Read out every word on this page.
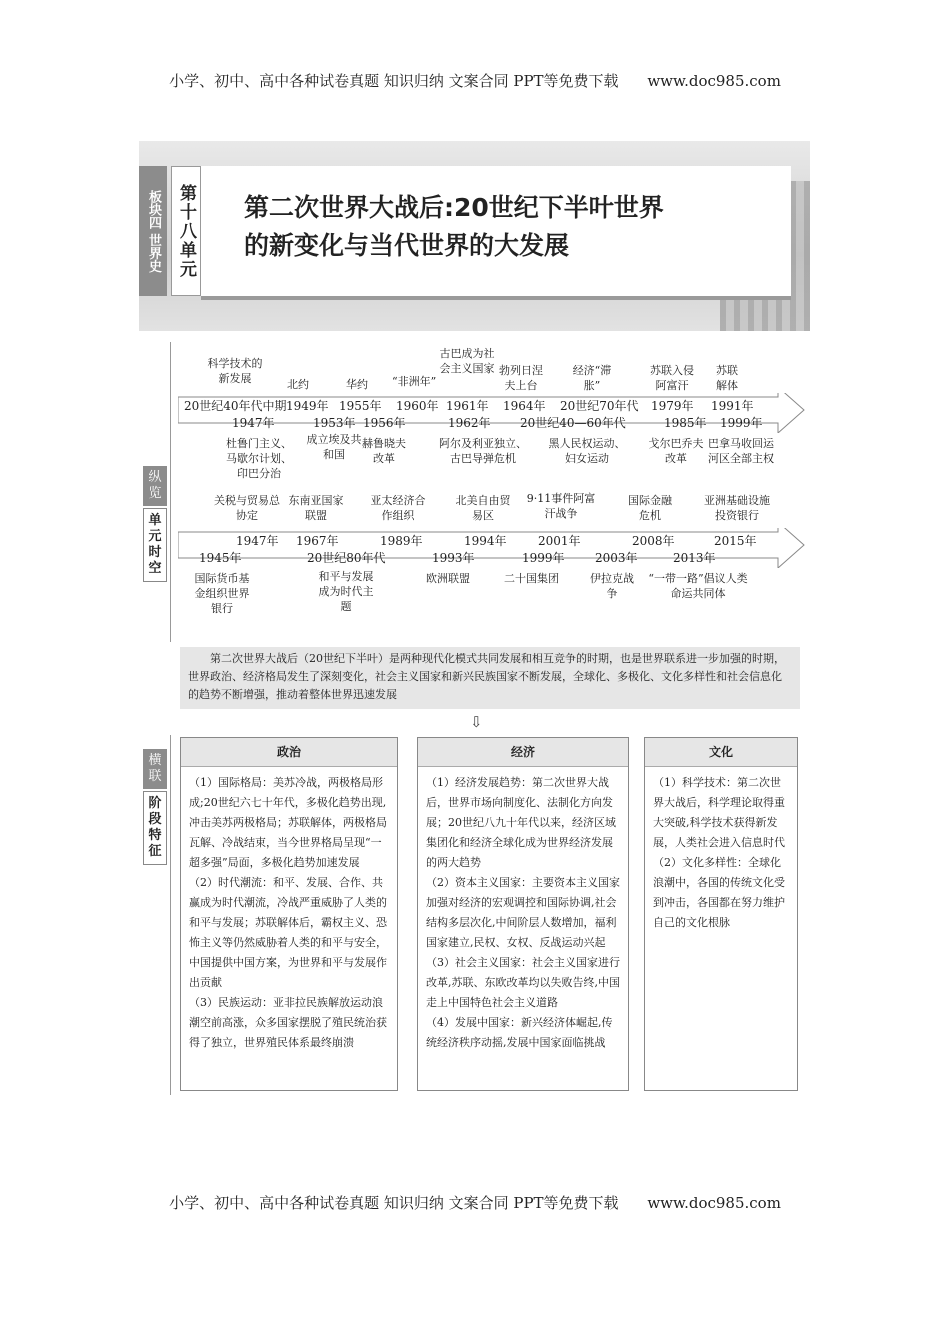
小学、初中、高中各种试卷真题 知识归纳 文案合同 PPT等免费下载 www.doc985.com
板块四 世界史 第十八单元 第二次世界大战后:20世纪下半叶世界
的新变化与当代世界的大发展
纵览
单元时空
横联
阶段特征
科学技术的新发展	北约	华约 “非洲年”
古巴成为社会主义国家 勃列日涅夫上台
经济“滞胀”
苏联入侵阿富汗
苏联解体
20世纪40年代中期 1949年 1955年 1960年 1961年 1964年 20世纪70年代 1979年 1991年
1947年	1953年 1956年	1962年 20世纪40—60年代	1985年 1999年
杜鲁门主义、马歇尔计划、印巴分治
成立埃及共和国
赫鲁晓夫改革
阿尔及利亚独立、古巴导弹危机
黑人民权运动、妇女运动
戈尔巴乔夫改革
巴拿马收回运河区全部主权
关税与贸易总协定
东南亚国家联盟
亚太经济合作组织
北美自由贸易区
9·11事件阿富汗战争
国际金融危机
亚洲基础设施投资银行
1947年 1967年	1989年	1994年	2001年	2008年	2015年
1945年	20世纪80年代	1993年	1999年	2003年	2013年
国际货币基金组织世界银行
和平与发展成为时代主题
欧洲联盟	二十国集团	伊拉克战争
“一带一路”倡议人类命运共同体
第二次世界大战后（20世纪下半叶）是两种现代化模式共同发展和相互竞争的时期，也是世界联系进一步加强的时期，世界政治、经济格局发生了深刻变化，社会主义国家和新兴民族国家不断发展，全球化、多极化、文化多样性和社会信息化的趋势不断增强，推动着整体世界迅速发展
⇩
政治

（1）国际格局：美苏冷战，两极格局形成;20世纪六七十年代，多极化趋势出现,冲击美苏两极格局；苏联解体，两极格局瓦解、冷战结束，当今世界格局呈现“一超多强”局面，多极化趋势加速发展

（2）时代潮流：和平、发展、合作、共赢成为时代潮流，冷战严重威胁了人类的和平与发展；苏联解体后，霸权主义、恐怖主义等仍然威胁着人类的和平与安全，中国提供中国方案，为世界和平与发展作出贡献

（3）民族运动：亚非拉民族解放运动浪潮空前高涨，众多国家摆脱了殖民统治获得了独立，世界殖民体系最终崩溃

经济

（1）经济发展趋势：第二次世界大战后，世界市场向制度化、法制化方向发展；20世纪八九十年代以来，经济区域集团化和经济全球化成为世界经济发展的两大趋势

（2）资本主义国家：主要资本主义国家加强对经济的宏观调控和国际协调,社会结构多层次化,中间阶层人数增加，福利国家建立,民权、女权、反战运动兴起

（3）社会主义国家：社会主义国家进行改革,苏联、东欧改革均以失败告终,中国走上中国特色社会主义道路

（4）发展中国家：新兴经济体崛起,传统经济秩序动摇,发展中国家面临挑战

文化

（1）科学技术：第二次世界大战后，科学理论取得重大突破,科学技术获得新发展，人类社会进入信息时代

（2）文化多样性：全球化浪潮中，各国的传统文化受到冲击，各国都在努力维护自己的文化根脉

小学、初中、高中各种试卷真题 知识归纳 文案合同 PPT等免费下载 www.doc985.com
